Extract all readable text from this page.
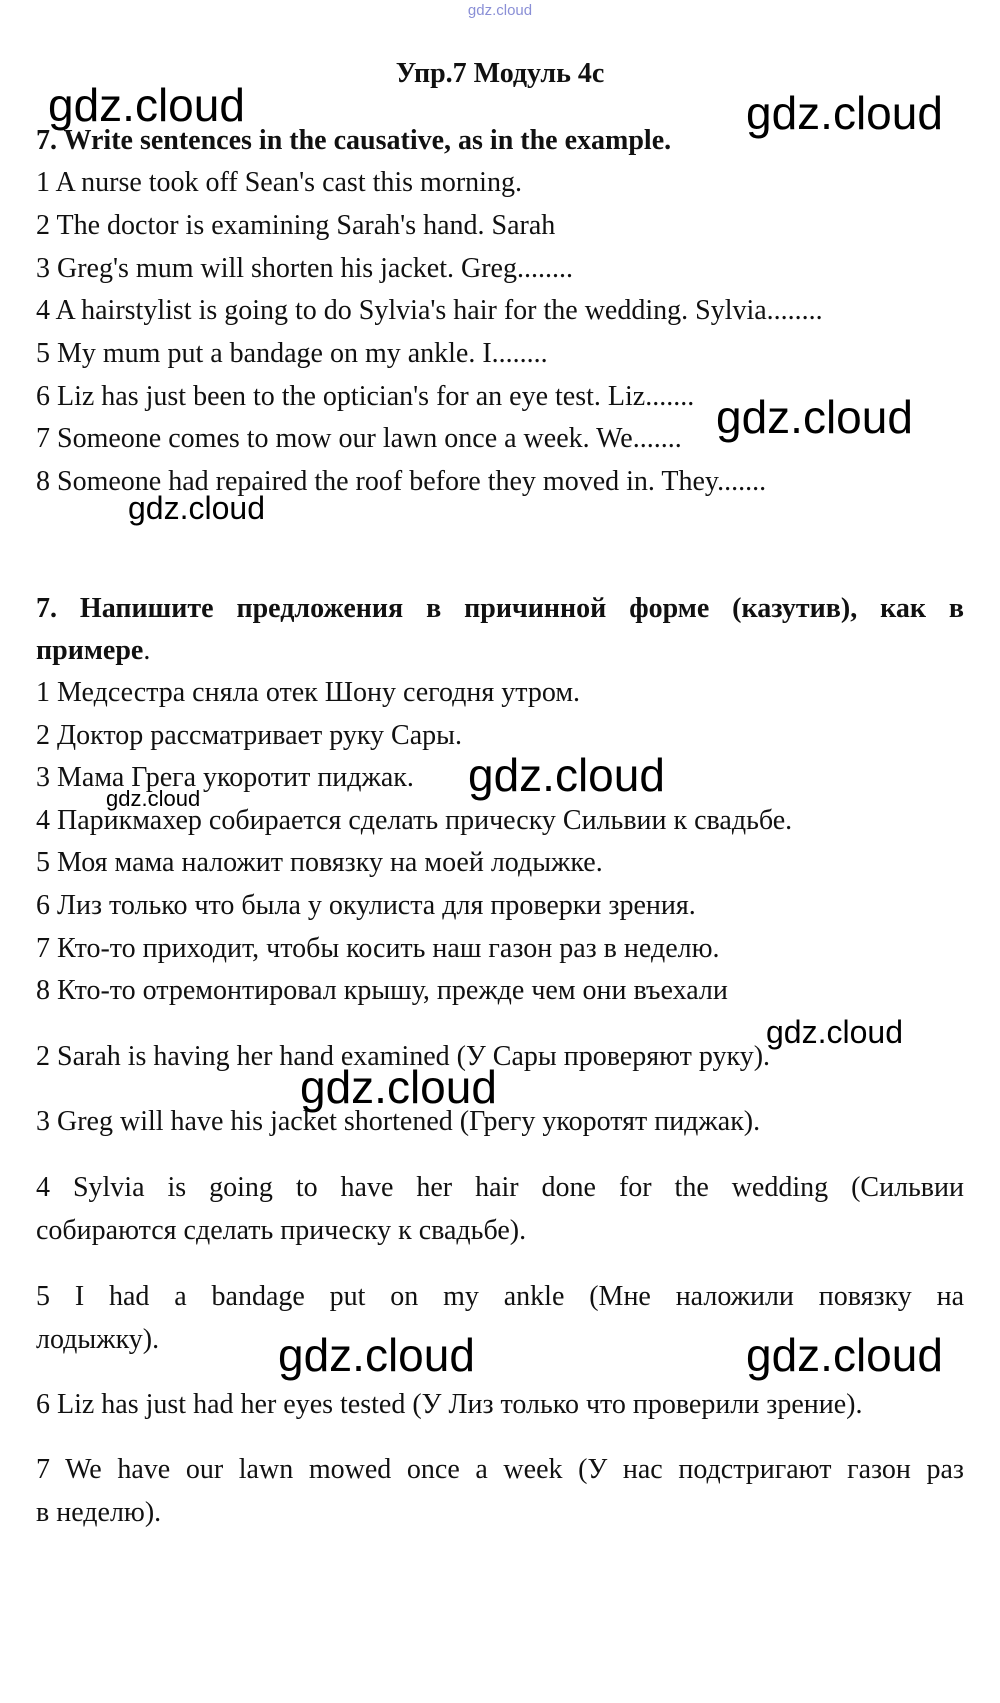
gdz.cloud
Упр.7 Модуль 4с
7. Write sentences in the causative, as in the example.
1 A nurse took off Sean's cast this morning.
2 The doctor is examining Sarah's hand. Sarah
3 Greg's mum will shorten his jacket. Greg........
4 A hairstylist is going to do Sylvia's hair for the wedding. Sylvia........
5 My mum put a bandage on my ankle. I........
6 Liz has just been to the optician's for an eye test. Liz.......
7 Someone comes to mow our lawn once a week. We.......
8 Someone had repaired the roof before they moved in. They.......
7. Напишите предложения в причинной форме (казутив), как в
примере.
1 Медсестра сняла отек Шону сегодня утром.
2 Доктор рассматривает руку Сары.
3 Мама Грега укоротит пиджак.
4 Парикмахер собирается сделать прическу Сильвии к свадьбе.
5 Моя мама наложит повязку на моей лодыжке.
6 Лиз только что была у окулиста для проверки зрения.
7 Кто-то приходит, чтобы косить наш газон раз в неделю.
8 Кто-то отремонтировал крышу, прежде чем они въехали
2 Sarah is having her hand examined (У Сары проверяют руку).
3 Greg will have his jacket shortened (Грегу укоротят пиджак).
4 Sylvia is going to have her hair done for the wedding (Сильвии
собираются сделать прическу к свадьбе).
5 I had a bandage put on my ankle (Мне наложили повязку на
лодыжку).
6 Liz has just had her eyes tested (У Лиз только что проверили зрение).
7 We have our lawn mowed once a week (У нас подстригают газон раз
в неделю).
gdz.cloud	gdz.cloud
gdz.cloud
gdz.cloud
gdz.cloud
gdz.cloud
gdz.cloud
gdz.cloud
gdz.cloud	gdz.cloud
